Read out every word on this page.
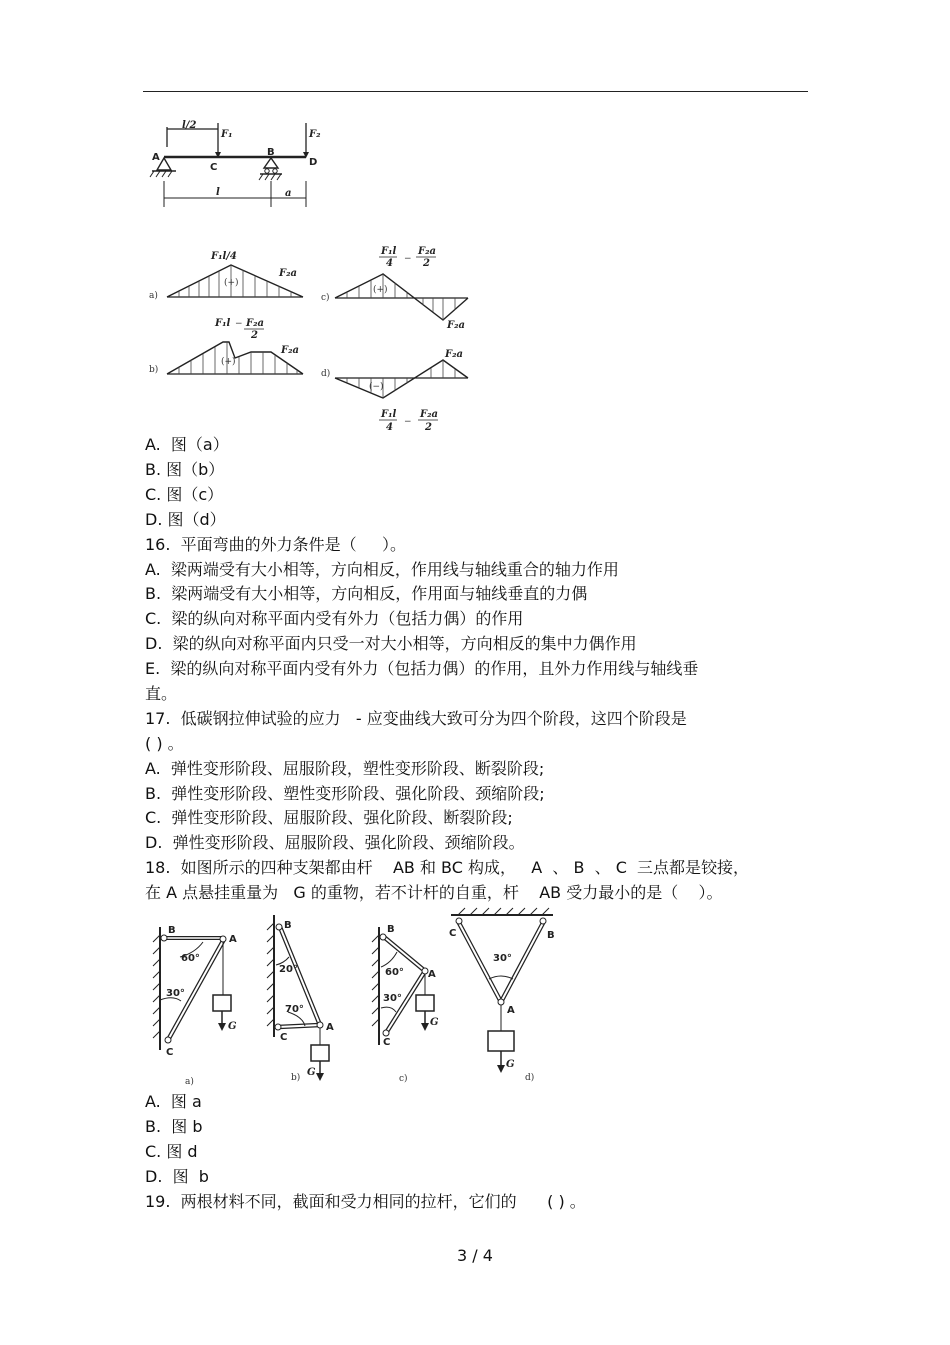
l/2
F₁	F₂
A	B
C	D
l	a
a)
(+)
F₁l/4
F₂a
b)
(+)
F₁l − F₂a
2
F₂a
c)
(+)
F₁l
4 −
F₂a
2
F₂a
d)
(−)
F₂a
F₁l
4 −
F₂a
2
B
A
C
60°
30°
G
a)
B
A
C
20°
70°
G
b)
B
A
C
60°
30°
G
c)
C	B
A
30°
G
d)
A.  图（a）
B. 图（b）
C. 图（c）
D. 图（d）
16.  平面弯曲的外力条件是（     ）。
A.  梁两端受有大小相等，方向相反，作用线与轴线重合的轴力作用
B.  梁两端受有大小相等，方向相反，作用面与轴线垂直的力偶
C.  梁的纵向对称平面内受有外力（包括力偶）的作用
D.  梁的纵向对称平面内只受一对大小相等，方向相反的集中力偶作用
E.  梁的纵向对称平面内受有外力（包括力偶）的作用，且外力作用线与轴线垂
直。
17.  低碳钢拉伸试验的应力   - 应变曲线大致可分为四个阶段，这四个阶段是
( ) 。
A.  弹性变形阶段、屈服阶段，塑性变形阶段、断裂阶段;
B.  弹性变形阶段、塑性变形阶段、强化阶段、颈缩阶段;
C.  弹性变形阶段、屈服阶段、强化阶段、断裂阶段;
D.  弹性变形阶段、屈服阶段、强化阶段、颈缩阶段。
18.  如图所示的四种支架都由杆    AB 和 BC 构成，   A  、 B  、 C  三点都是铰接，
在 A 点悬挂重量为   G 的重物，若不计杆的自重，杆    AB 受力最小的是（    ）。
A.  图 a
B.  图 b
C. 图 d
D.  图  b
19.  两根材料不同，截面和受力相同的拉杆，它们的      ( ) 。
3 / 4
